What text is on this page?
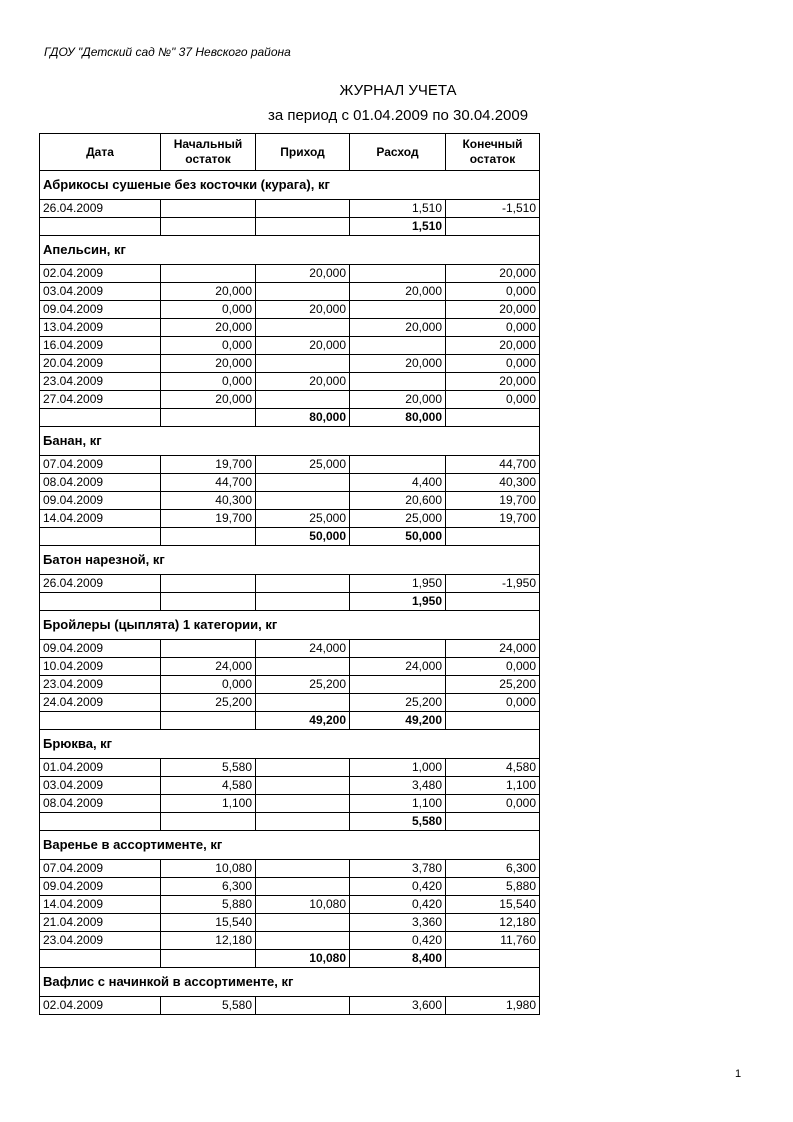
ГДОУ "Детский сад №" 37 Невского района
ЖУРНАЛ УЧЕТА
за период с 01.04.2009 по 30.04.2009
Дата	Начальный остаток	Приход	Расход	Конечный остаток
Абрикосы сушеные без косточки (курага), кг				
26.04.2009			1,510	-1,510
			1,510	
Апельсин, кг				
02.04.2009		20,000		20,000
03.04.2009	20,000		20,000	0,000
09.04.2009	0,000	20,000		20,000
13.04.2009	20,000		20,000	0,000
16.04.2009	0,000	20,000		20,000
20.04.2009	20,000		20,000	0,000
23.04.2009	0,000	20,000		20,000
27.04.2009	20,000		20,000	0,000
		80,000	80,000	
Банан, кг				
07.04.2009	19,700	25,000		44,700
08.04.2009	44,700		4,400	40,300
09.04.2009	40,300		20,600	19,700
14.04.2009	19,700	25,000	25,000	19,700
		50,000	50,000	
Батон нарезной, кг				
26.04.2009			1,950	-1,950
			1,950	
Бройлеры (цыплята) 1 категории, кг				
09.04.2009		24,000		24,000
10.04.2009	24,000		24,000	0,000
23.04.2009	0,000	25,200		25,200
24.04.2009	25,200		25,200	0,000
		49,200	49,200	
Брюква, кг				
01.04.2009	5,580		1,000	4,580
03.04.2009	4,580		3,480	1,100
08.04.2009	1,100		1,100	0,000
			5,580	
Варенье в ассортименте, кг				
07.04.2009	10,080		3,780	6,300
09.04.2009	6,300		0,420	5,880
14.04.2009	5,880	10,080	0,420	15,540
21.04.2009	15,540		3,360	12,180
23.04.2009	12,180		0,420	11,760
		10,080	8,400	
Вафлис с начинкой в ассортименте, кг				
02.04.2009	5,580		3,600	1,980
1
